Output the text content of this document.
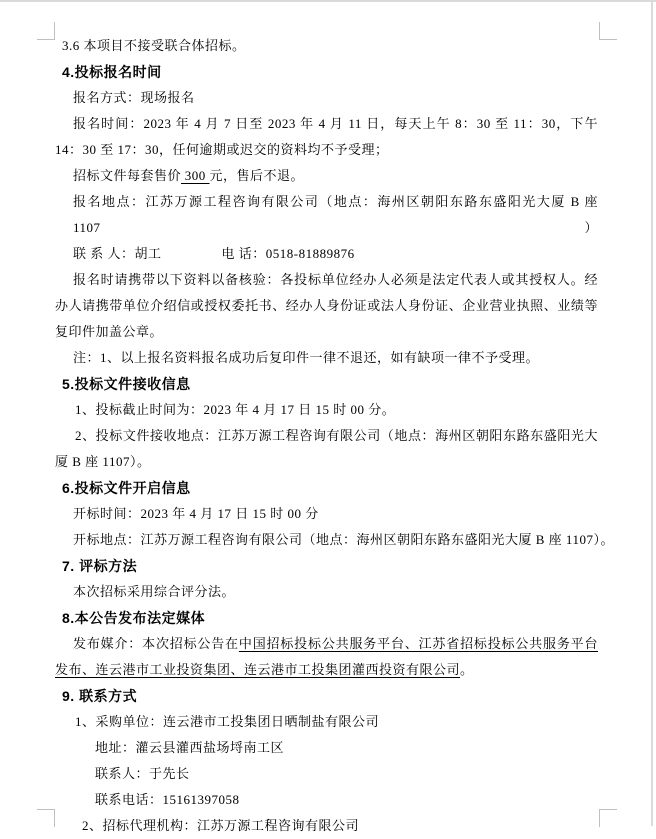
3.6 本项目不接受联合体招标。
4.投标报名时间
报名方式：现场报名
报名时间：2023 年 4 月 7 日至 2023 年 4 月 11 日，每天上午 8：30 至 11：30，下午
14：30 至 17：30，任何逾期或迟交的资料均不予受理；
招标文件每套售价 300 元，售后不退。
报名地点：江苏万源工程咨询有限公司（地点：海州区朝阳东路东盛阳光大厦 B 座 1107）
联 系 人：胡工                电 话：0518-81889876
报名时请携带以下资料以备核验：各投标单位经办人必须是法定代表人或其授权人。经
办人请携带单位介绍信或授权委托书、经办人身份证或法人身份证、企业营业执照、业绩等
复印件加盖公章。
注：1、以上报名资料报名成功后复印件一律不退还，如有缺项一律不予受理。
5.投标文件接收信息
1、投标截止时间为：2023 年 4 月 17 日 15 时 00 分。
2、投标文件接收地点：江苏万源工程咨询有限公司（地点：海州区朝阳东路东盛阳光大
厦 B 座 1107）。
6.投标文件开启信息
开标时间：2023 年 4 月 17 日 15 时 00 分
开标地点：江苏万源工程咨询有限公司（地点：海州区朝阳东路东盛阳光大厦 B 座 1107）。
7. 评标方法
本次招标采用综合评分法。
8.本公告发布法定媒体
发布媒介：本次招标公告在中国招标投标公共服务平台、江苏省招标投标公共服务平台
发布、连云港市工业投资集团、连云港市工投集团灌西投资有限公司。
9. 联系方式
1、采购单位：连云港市工投集团日晒制盐有限公司
地址：灌云县灌西盐场埒南工区
联系人：于先长
联系电话：15161397058
2、招标代理机构：江苏万源工程咨询有限公司
